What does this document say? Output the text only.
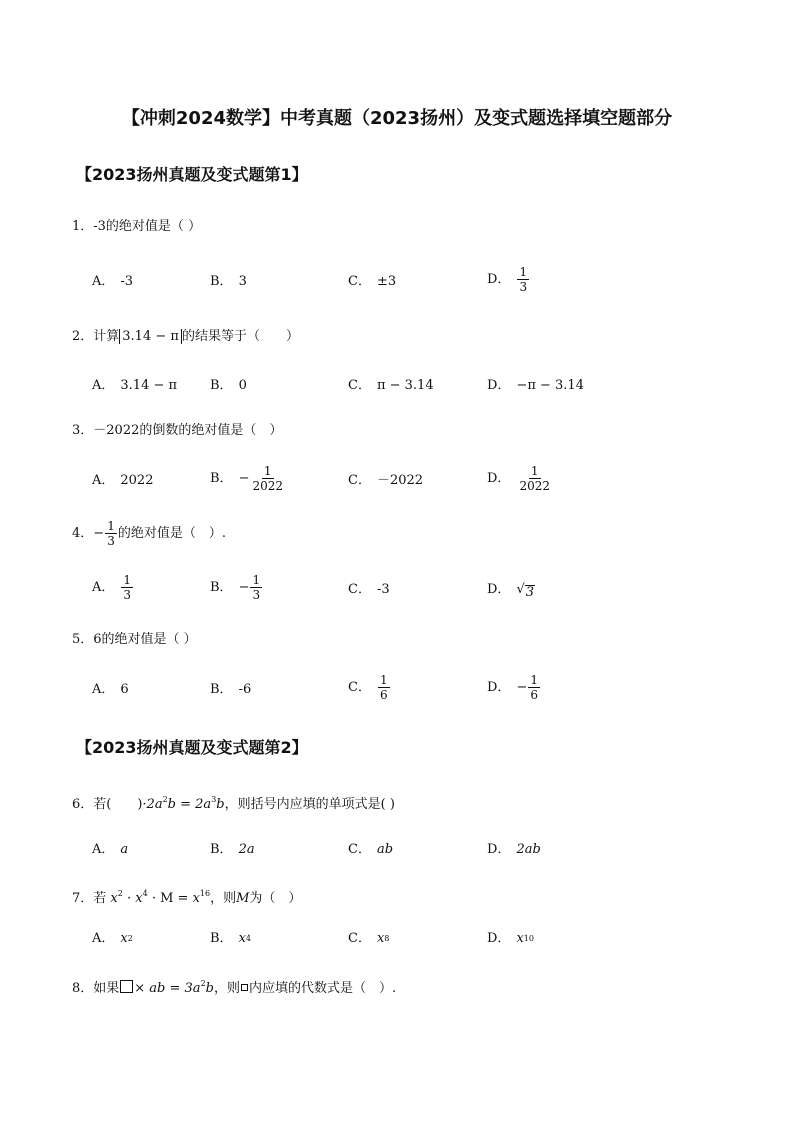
【冲刺2024数学】中考真题（2023扬州）及变式题选择填空题部分
【2023扬州真题及变式题第1】
1．-3的绝对值是（ ）
A． -3	B． 3	C． ±3	D． $\frac{1}{3}$
2．计算 3.14 − π 的结果等于（　　）
A． 3.14 − π	B． 0	C． π − 3.14	D． −π − 3.14
3．－2022的倒数的绝对值是（　）
A． 2022	B． − $\frac{1}{2022}$	C． －2022	D． $\frac{1}{2022}$
4．− $\frac{1}{3}$ 的绝对值是（　）.
A． $\frac{1}{3}$	B． − $\frac{1}{3}$	C． -3	D． √ 3
5．6的绝对值是（ ）
A． 6	B． -6	C． $\frac{1}{6}$	D． − $\frac{1}{6}$
【2023扬州真题及变式题第2】
6．若(　　)$\cdot 2a^2b = 2a^3b$，则括号内应填的单项式是( )
A． a	B． 2a	C． ab	D． 2ab
7．若 $x^2 \cdot x^4 \cdot M = x^{16}$，则M为（　）
A． x 2	B． x 4	C． x 8	D． x 10
8．如果 × ab = $3a^2b$，则 内应填的代数式是（　）.
